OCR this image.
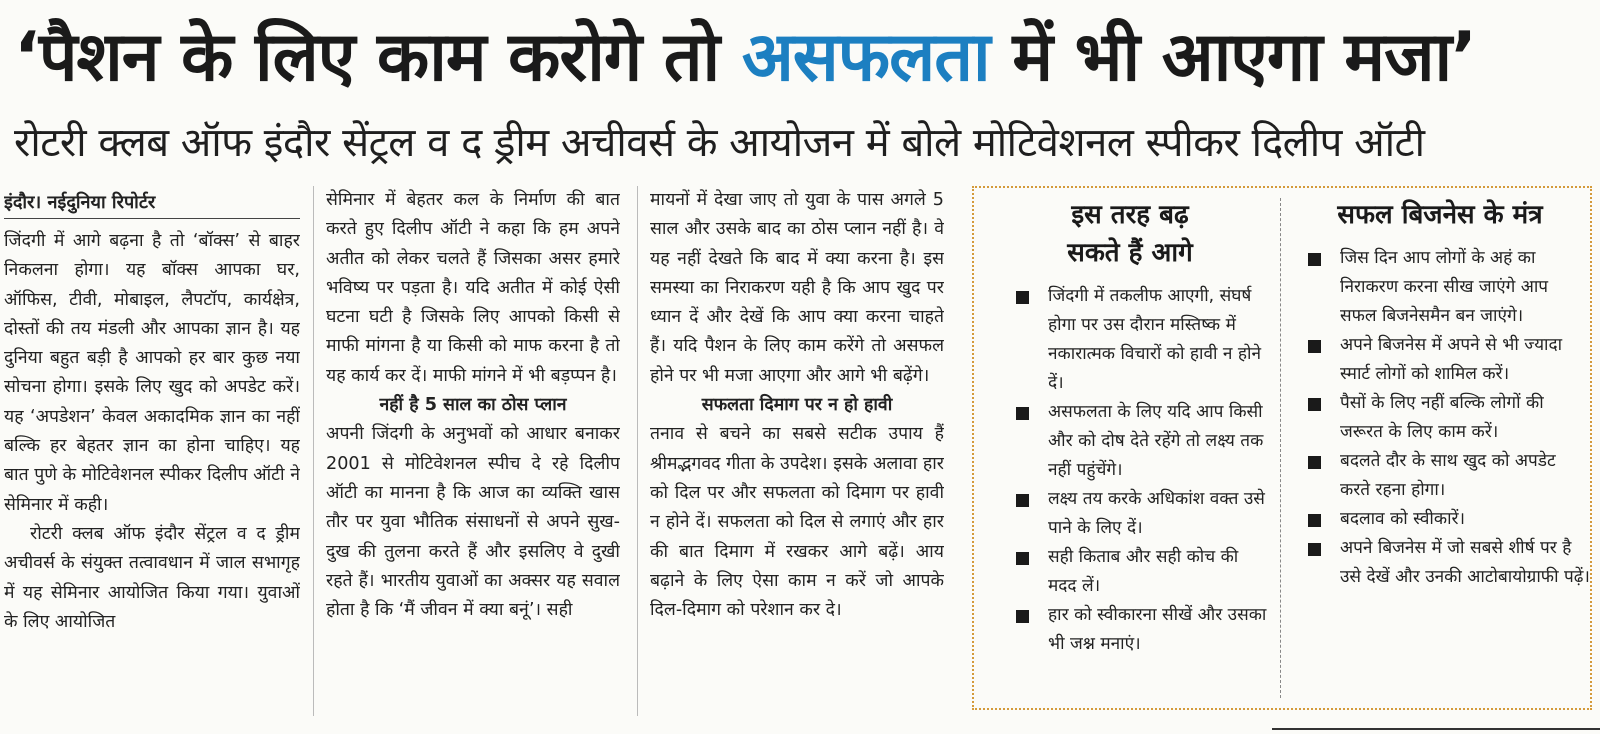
‘पैशन के लिए काम करोगे तो असफलता में भी आएगा मजा’
रोटरी क्लब ऑफ इंदौर सेंट्रल व द ड्रीम अचीवर्स के आयोजन में बोले मोटिवेशनल स्पीकर दिलीप ऑटी
इंदौर। नईदुनिया रिपोर्टर

जिंदगी में आगे बढ़ना है तो ‘बॉक्स’ से बाहर निकलना होगा। यह बॉक्स आपका घर, ऑफिस, टीवी, मोबाइल, लैपटॉप, कार्यक्षेत्र, दोस्तों की तय मंडली और आपका ज्ञान है। यह दुनिया बहुत बड़ी है आपको हर बार कुछ नया सोचना होगा। इसके लिए खुद को अपडेट करें। यह ‘अपडेशन’ केवल अकादमिक ज्ञान का नहीं बल्कि हर बेहतर ज्ञान का होना चाहिए। यह बात पुणे के मोटिवेशनल स्पीकर दिलीप ऑटी ने सेमिनार में कही।

रोटरी क्लब ऑफ इंदौर सेंट्रल व द ड्रीम अचीवर्स के संयुक्त तत्वावधान में जाल सभागृह में यह सेमिनार आयोजित किया गया। युवाओं के लिए आयोजित

सेमिनार में बेहतर कल के निर्माण की बात करते हुए दिलीप ऑटी ने कहा कि हम अपने अतीत को लेकर चलते हैं जिसका असर हमारे भविष्य पर पड़ता है। यदि अतीत में कोई ऐसी घटना घटी है जिसके लिए आपको किसी से माफी मांगना है या किसी को माफ करना है तो यह कार्य कर दें। माफी मांगने में भी बड़प्पन है।

नहीं है 5 साल का ठोस प्लान

अपनी जिंदगी के अनुभवों को आधार बनाकर 2001 से मोटिवेशनल स्पीच दे रहे दिलीप ऑटी का मानना है कि आज का व्यक्ति खास तौर पर युवा भौतिक संसाधनों से अपने सुख-दुख की तुलना करते हैं और इसलिए वे दुखी रहते हैं। भारतीय युवाओं का अक्सर यह सवाल होता है कि ‘मैं जीवन में क्या बनूं’। सही

मायनों में देखा जाए तो युवा के पास अगले 5 साल और उसके बाद का ठोस प्लान नहीं है। वे यह नहीं देखते कि बाद में क्या करना है। इस समस्या का निराकरण यही है कि आप खुद पर ध्यान दें और देखें कि आप क्या करना चाहते हैं। यदि पैशन के लिए काम करेंगे तो असफल होने पर भी मजा आएगा और आगे भी बढ़ेंगे।

सफलता दिमाग पर न हो हावी

तनाव से बचने का सबसे सटीक उपाय हैं श्रीमद्भगवद गीता के उपदेश। इसके अलावा हार को दिल पर और सफलता को दिमाग पर हावी न होने दें। सफलता को दिल से लगाएं और हार की बात दिमाग में रखकर आगे बढ़ें। आय बढ़ाने के लिए ऐसा काम न करें जो आपके दिल-दिमाग को परेशान कर दे।

इस तरह बढ़
सकते हैं आगे
जिंदगी में तकलीफ आएगी, संघर्ष होगा पर उस दौरान मस्तिष्क में नकारात्मक विचारों को हावी न होने दें।
असफलता के लिए यदि आप किसी और को दोष देते रहेंगे तो लक्ष्य तक नहीं पहुंचेंगे।
लक्ष्य तय करके अधिकांश वक्त उसे पाने के लिए दें।
सही किताब और सही कोच की मदद लें।
हार को स्वीकारना सीखें और उसका भी जश्न मनाएं।
सफल बिजनेस के मंत्र
जिस दिन आप लोगों के अहं का निराकरण करना सीख जाएंगे आप सफल बिजनेसमैन बन जाएंगे।
अपने बिजनेस में अपने से भी ज्यादा स्मार्ट लोगों को शामिल करें।
पैसों के लिए नहीं बल्कि लोगों की जरूरत के लिए काम करें।
बदलते दौर के साथ खुद को अपडेट करते रहना होगा।
बदलाव को स्वीकारें।
अपने बिजनेस में जो सबसे शीर्ष पर है उसे देखें और उनकी आटोबायोग्राफी पढ़ें।
